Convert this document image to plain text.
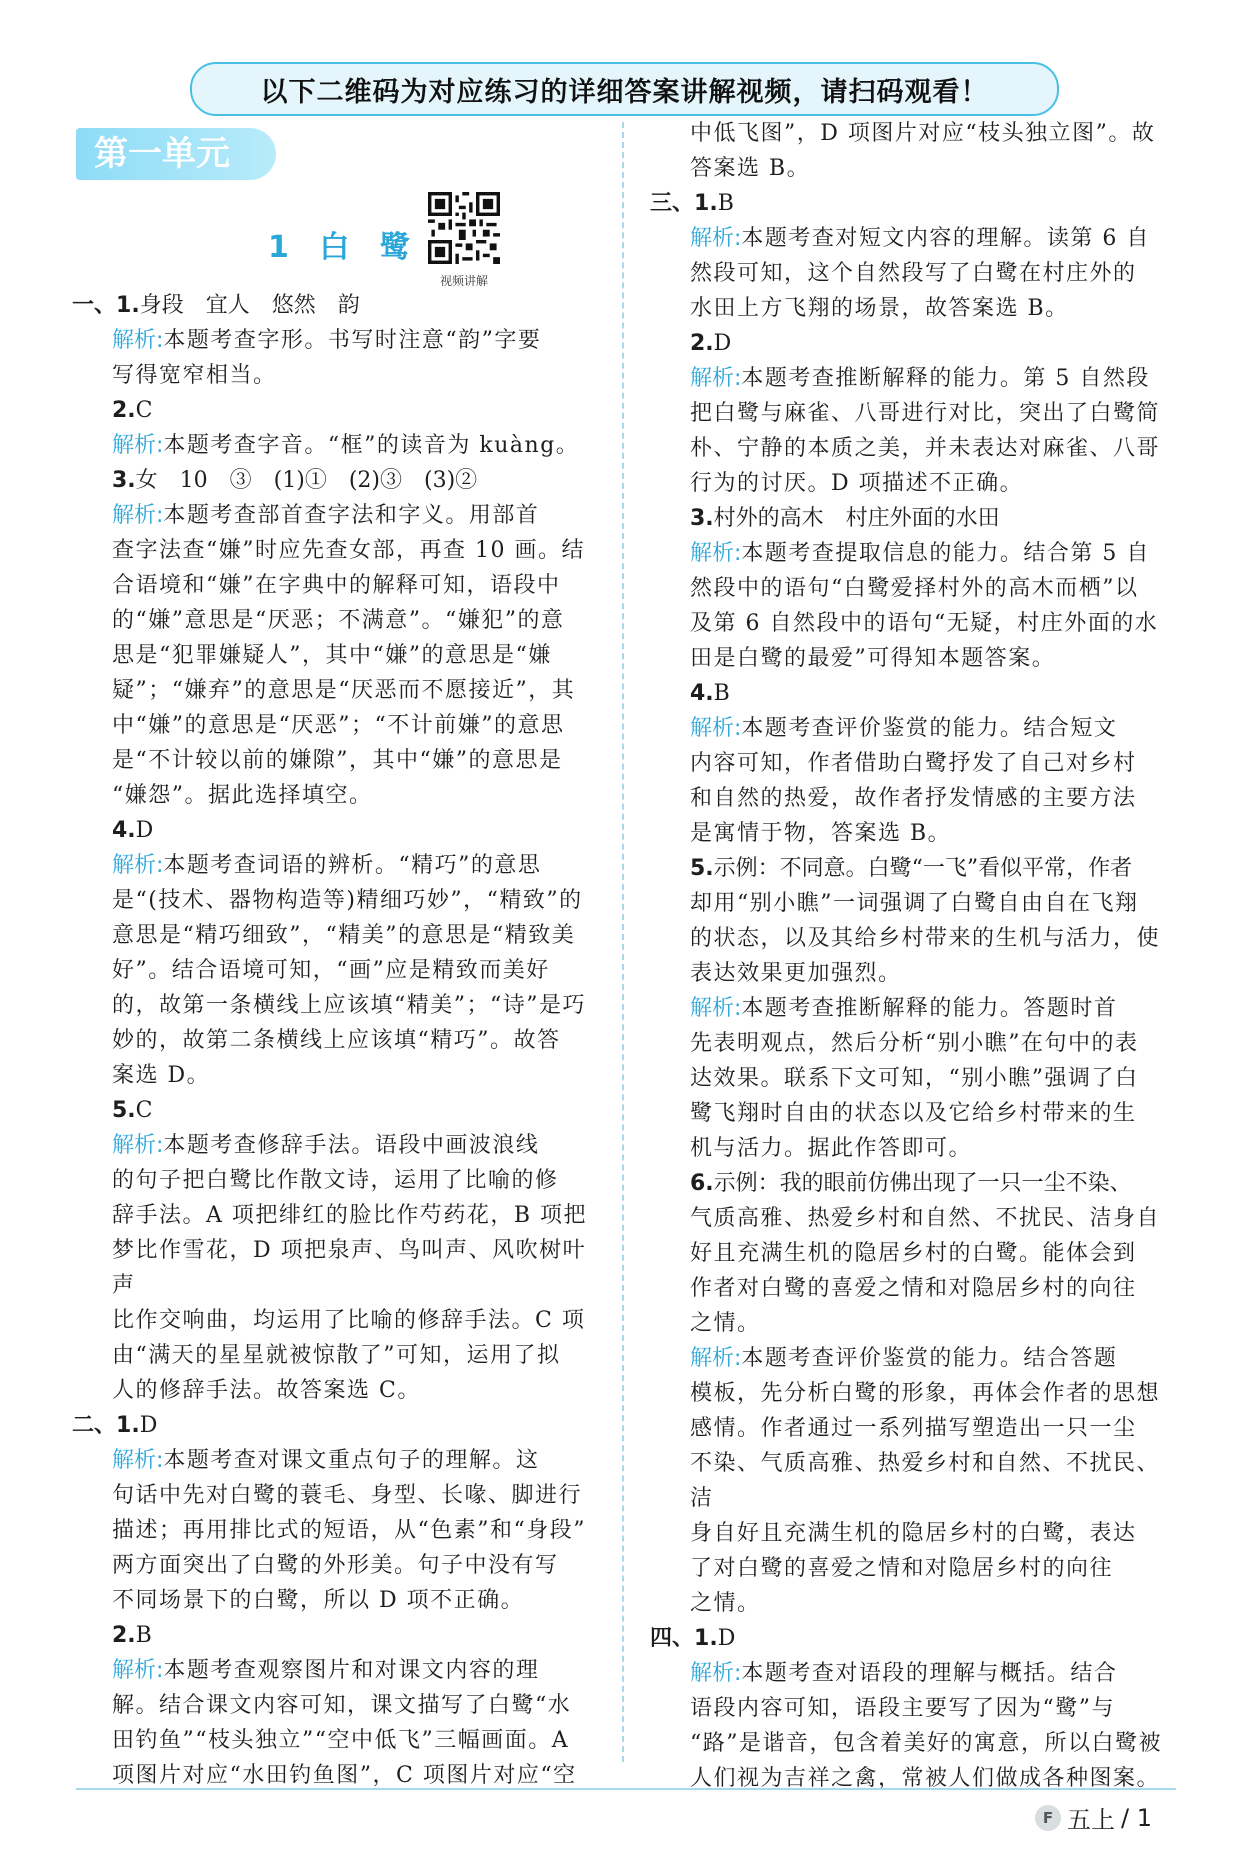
以下二维码为对应练习的详细答案讲解视频，请扫码观看！
第一单元
1 白 鹭
视频讲解
一、1.身段　宜人　悠然　韵
解析:本题考查字形。书写时注意“韵”字要
写得宽窄相当。
2.C
解析:本题考查字音。“框”的读音为 kuàng。
3.女　10　③　(1)①　(2)③　(3)②
解析:本题考查部首查字法和字义。用部首
查字法查“嫌”时应先查女部，再查 10 画。结
合语境和“嫌”在字典中的解释可知，语段中
的“嫌”意思是“厌恶；不满意”。“嫌犯”的意
思是“犯罪嫌疑人”，其中“嫌”的意思是“嫌
疑”；“嫌弃”的意思是“厌恶而不愿接近”，其
中“嫌”的意思是“厌恶”；“不计前嫌”的意思
是“不计较以前的嫌隙”，其中“嫌”的意思是
“嫌怨”。据此选择填空。
4.D
解析:本题考查词语的辨析。“精巧”的意思
是“(技术、器物构造等)精细巧妙”，“精致”的
意思是“精巧细致”，“精美”的意思是“精致美
好”。结合语境可知，“画”应是精致而美好
的，故第一条横线上应该填“精美”；“诗”是巧
妙的，故第二条横线上应该填“精巧”。故答
案选 D。
5.C
解析:本题考查修辞手法。语段中画波浪线
的句子把白鹭比作散文诗，运用了比喻的修
辞手法。A 项把绯红的脸比作芍药花，B 项把
梦比作雪花，D 项把泉声、鸟叫声、风吹树叶声
比作交响曲，均运用了比喻的修辞手法。C 项
由“满天的星星就被惊散了”可知，运用了拟
人的修辞手法。故答案选 C。
二、1.D
解析:本题考查对课文重点句子的理解。这
句话中先对白鹭的蓑毛、身型、长喙、脚进行
描述；再用排比式的短语，从“色素”和“身段”
两方面突出了白鹭的外形美。句子中没有写
不同场景下的白鹭，所以 D 项不正确。
2.B
解析:本题考查观察图片和对课文内容的理
解。结合课文内容可知，课文描写了白鹭“水
田钓鱼”“枝头独立”“空中低飞”三幅画面。A
项图片对应“水田钓鱼图”，C 项图片对应“空
中低飞图”，D 项图片对应“枝头独立图”。故
答案选 B。
三、1.B
解析:本题考查对短文内容的理解。读第 6 自
然段可知，这个自然段写了白鹭在村庄外的
水田上方飞翔的场景，故答案选 B。
2.D
解析:本题考查推断解释的能力。第 5 自然段
把白鹭与麻雀、八哥进行对比，突出了白鹭简
朴、宁静的本质之美，并未表达对麻雀、八哥
行为的讨厌。D 项描述不正确。
3.村外的高木　村庄外面的水田
解析:本题考查提取信息的能力。结合第 5 自
然段中的语句“白鹭爱择村外的高木而栖”以
及第 6 自然段中的语句“无疑，村庄外面的水
田是白鹭的最爱”可得知本题答案。
4.B
解析:本题考查评价鉴赏的能力。结合短文
内容可知，作者借助白鹭抒发了自己对乡村
和自然的热爱，故作者抒发情感的主要方法
是寓情于物，答案选 B。
5.示例：不同意。白鹭“一飞”看似平常，作者
却用“别小瞧”一词强调了白鹭自由自在飞翔
的状态，以及其给乡村带来的生机与活力，使
表达效果更加强烈。
解析:本题考查推断解释的能力。答题时首
先表明观点，然后分析“别小瞧”在句中的表
达效果。联系下文可知，“别小瞧”强调了白
鹭飞翔时自由的状态以及它给乡村带来的生
机与活力。据此作答即可。
6.示例：我的眼前仿佛出现了一只一尘不染、
气质高雅、热爱乡村和自然、不扰民、洁身自
好且充满生机的隐居乡村的白鹭。能体会到
作者对白鹭的喜爱之情和对隐居乡村的向往
之情。
解析:本题考查评价鉴赏的能力。结合答题
模板，先分析白鹭的形象，再体会作者的思想
感情。作者通过一系列描写塑造出一只一尘
不染、气质高雅、热爱乡村和自然、不扰民、洁
身自好且充满生机的隐居乡村的白鹭，表达
了对白鹭的喜爱之情和对隐居乡村的向往
之情。
四、1.D
解析:本题考查对语段的理解与概括。结合
语段内容可知，语段主要写了因为“鹭”与
“路”是谐音，包含着美好的寓意，所以白鹭被
人们视为吉祥之禽，常被人们做成各种图案。
F 五上 / 1
